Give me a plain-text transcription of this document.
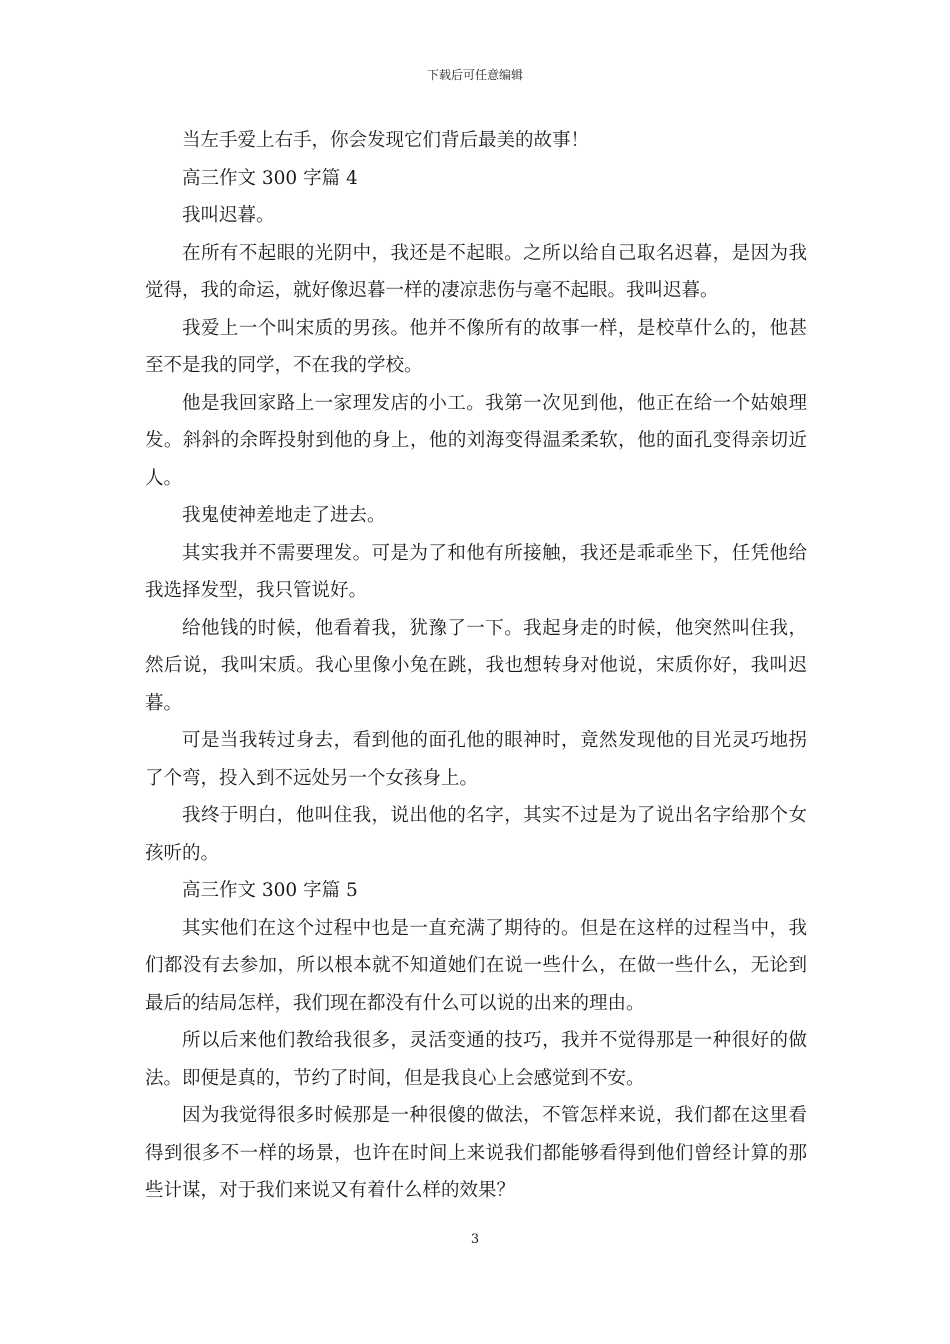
下载后可任意编辑

当左手爱上右手，你会发现它们背后最美的故事！

高三作文 300 字篇 4

我叫迟暮。

在所有不起眼的光阴中，我还是不起眼。之所以给自己取名迟暮，是因为我觉得，我的命运，就好像迟暮一样的凄凉悲伤与毫不起眼。我叫迟暮。

我爱上一个叫宋质的男孩。他并不像所有的故事一样，是校草什么的，他甚至不是我的同学，不在我的学校。

他是我回家路上一家理发店的小工。我第一次见到他，他正在给一个姑娘理发。斜斜的余晖投射到他的身上，他的刘海变得温柔柔软，他的面孔变得亲切近人。

我鬼使神差地走了进去。

其实我并不需要理发。可是为了和他有所接触，我还是乖乖坐下，任凭他给我选择发型，我只管说好。

给他钱的时候，他看着我，犹豫了一下。我起身走的时候，他突然叫住我，然后说，我叫宋质。我心里像小兔在跳，我也想转身对他说，宋质你好，我叫迟暮。

可是当我转过身去，看到他的面孔他的眼神时，竟然发现他的目光灵巧地拐了个弯，投入到不远处另一个女孩身上。

我终于明白，他叫住我，说出他的名字，其实不过是为了说出名字给那个女孩听的。

高三作文 300 字篇 5

其实他们在这个过程中也是一直充满了期待的。但是在这样的过程当中，我们都没有去参加，所以根本就不知道她们在说一些什么，在做一些什么，无论到最后的结局怎样，我们现在都没有什么可以说的出来的理由。

所以后来他们教给我很多，灵活变通的技巧，我并不觉得那是一种很好的做法。即便是真的，节约了时间，但是我良心上会感觉到不安。

因为我觉得很多时候那是一种很傻的做法，不管怎样来说，我们都在这里看得到很多不一样的场景，也许在时间上来说我们都能够看得到他们曾经计算的那些计谋，对于我们来说又有着什么样的效果？

3
